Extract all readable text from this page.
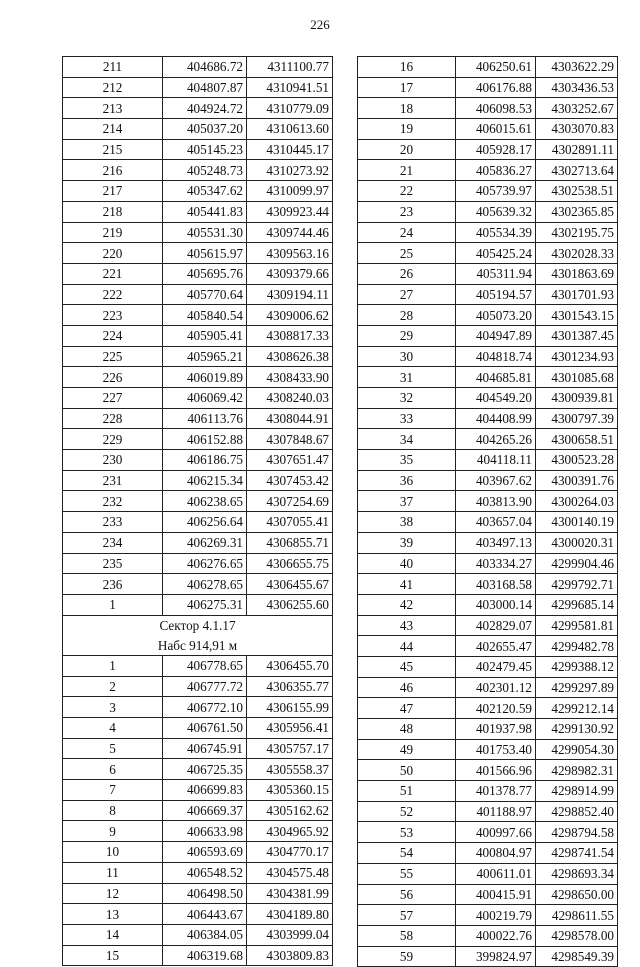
226
211	404686.72	4311100.77
212	404807.87	4310941.51
213	404924.72	4310779.09
214	405037.20	4310613.60
215	405145.23	4310445.17
216	405248.73	4310273.92
217	405347.62	4310099.97
218	405441.83	4309923.44
219	405531.30	4309744.46
220	405615.97	4309563.16
221	405695.76	4309379.66
222	405770.64	4309194.11
223	405840.54	4309006.62
224	405905.41	4308817.33
225	405965.21	4308626.38
226	406019.89	4308433.90
227	406069.42	4308240.03
228	406113.76	4308044.91
229	406152.88	4307848.67
230	406186.75	4307651.47
231	406215.34	4307453.42
232	406238.65	4307254.69
233	406256.64	4307055.41
234	406269.31	4306855.71
235	406276.65	4306655.75
236	406278.65	4306455.67
1	406275.31	4306255.60
Сектор 4.1.17		
Набс 914,91 м		
1	406778.65	4306455.70
2	406777.72	4306355.77
3	406772.10	4306155.99
4	406761.50	4305956.41
5	406745.91	4305757.17
6	406725.35	4305558.37
7	406699.83	4305360.15
8	406669.37	4305162.62
9	406633.98	4304965.92
10	406593.69	4304770.17
11	406548.52	4304575.48
12	406498.50	4304381.99
13	406443.67	4304189.80
14	406384.05	4303999.04
15	406319.68	4303809.83
16	406250.61	4303622.29
17	406176.88	4303436.53
18	406098.53	4303252.67
19	406015.61	4303070.83
20	405928.17	4302891.11
21	405836.27	4302713.64
22	405739.97	4302538.51
23	405639.32	4302365.85
24	405534.39	4302195.75
25	405425.24	4302028.33
26	405311.94	4301863.69
27	405194.57	4301701.93
28	405073.20	4301543.15
29	404947.89	4301387.45
30	404818.74	4301234.93
31	404685.81	4301085.68
32	404549.20	4300939.81
33	404408.99	4300797.39
34	404265.26	4300658.51
35	404118.11	4300523.28
36	403967.62	4300391.76
37	403813.90	4300264.03
38	403657.04	4300140.19
39	403497.13	4300020.31
40	403334.27	4299904.46
41	403168.58	4299792.71
42	403000.14	4299685.14
43	402829.07	4299581.81
44	402655.47	4299482.78
45	402479.45	4299388.12
46	402301.12	4299297.89
47	402120.59	4299212.14
48	401937.98	4299130.92
49	401753.40	4299054.30
50	401566.96	4298982.31
51	401378.77	4298914.99
52	401188.97	4298852.40
53	400997.66	4298794.58
54	400804.97	4298741.54
55	400611.01	4298693.34
56	400415.91	4298650.00
57	400219.79	4298611.55
58	400022.76	4298578.00
59	399824.97	4298549.39
